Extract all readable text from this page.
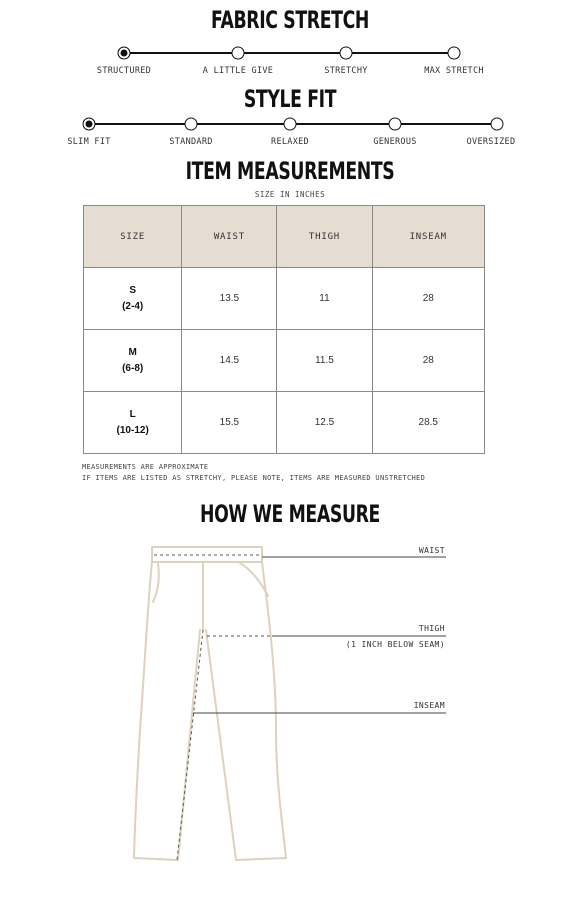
FABRIC STRETCH
STRUCTURED	A LITTLE GIVE	STRETCHY	MAX STRETCH
STYLE FIT
SLIM FIT	STANDARD	RELAXED	GENEROUS	OVERSIZED
ITEM MEASUREMENTS
SIZE IN INCHES
SIZE	WAIST	THIGH	INSEAM

S
(2-4)	13.5	11	28

M
(6-8)	14.5	11.5	28

L
(10-12)	15.5	12.5	28.5
MEASUREMENTS ARE APPROXIMATE
IF ITEMS ARE LISTED AS STRETCHY, PLEASE NOTE, ITEMS ARE MEASURED UNSTRETCHED
HOW WE MEASURE
WAIST
THIGH
(1 INCH BELOW SEAM)
INSEAM
